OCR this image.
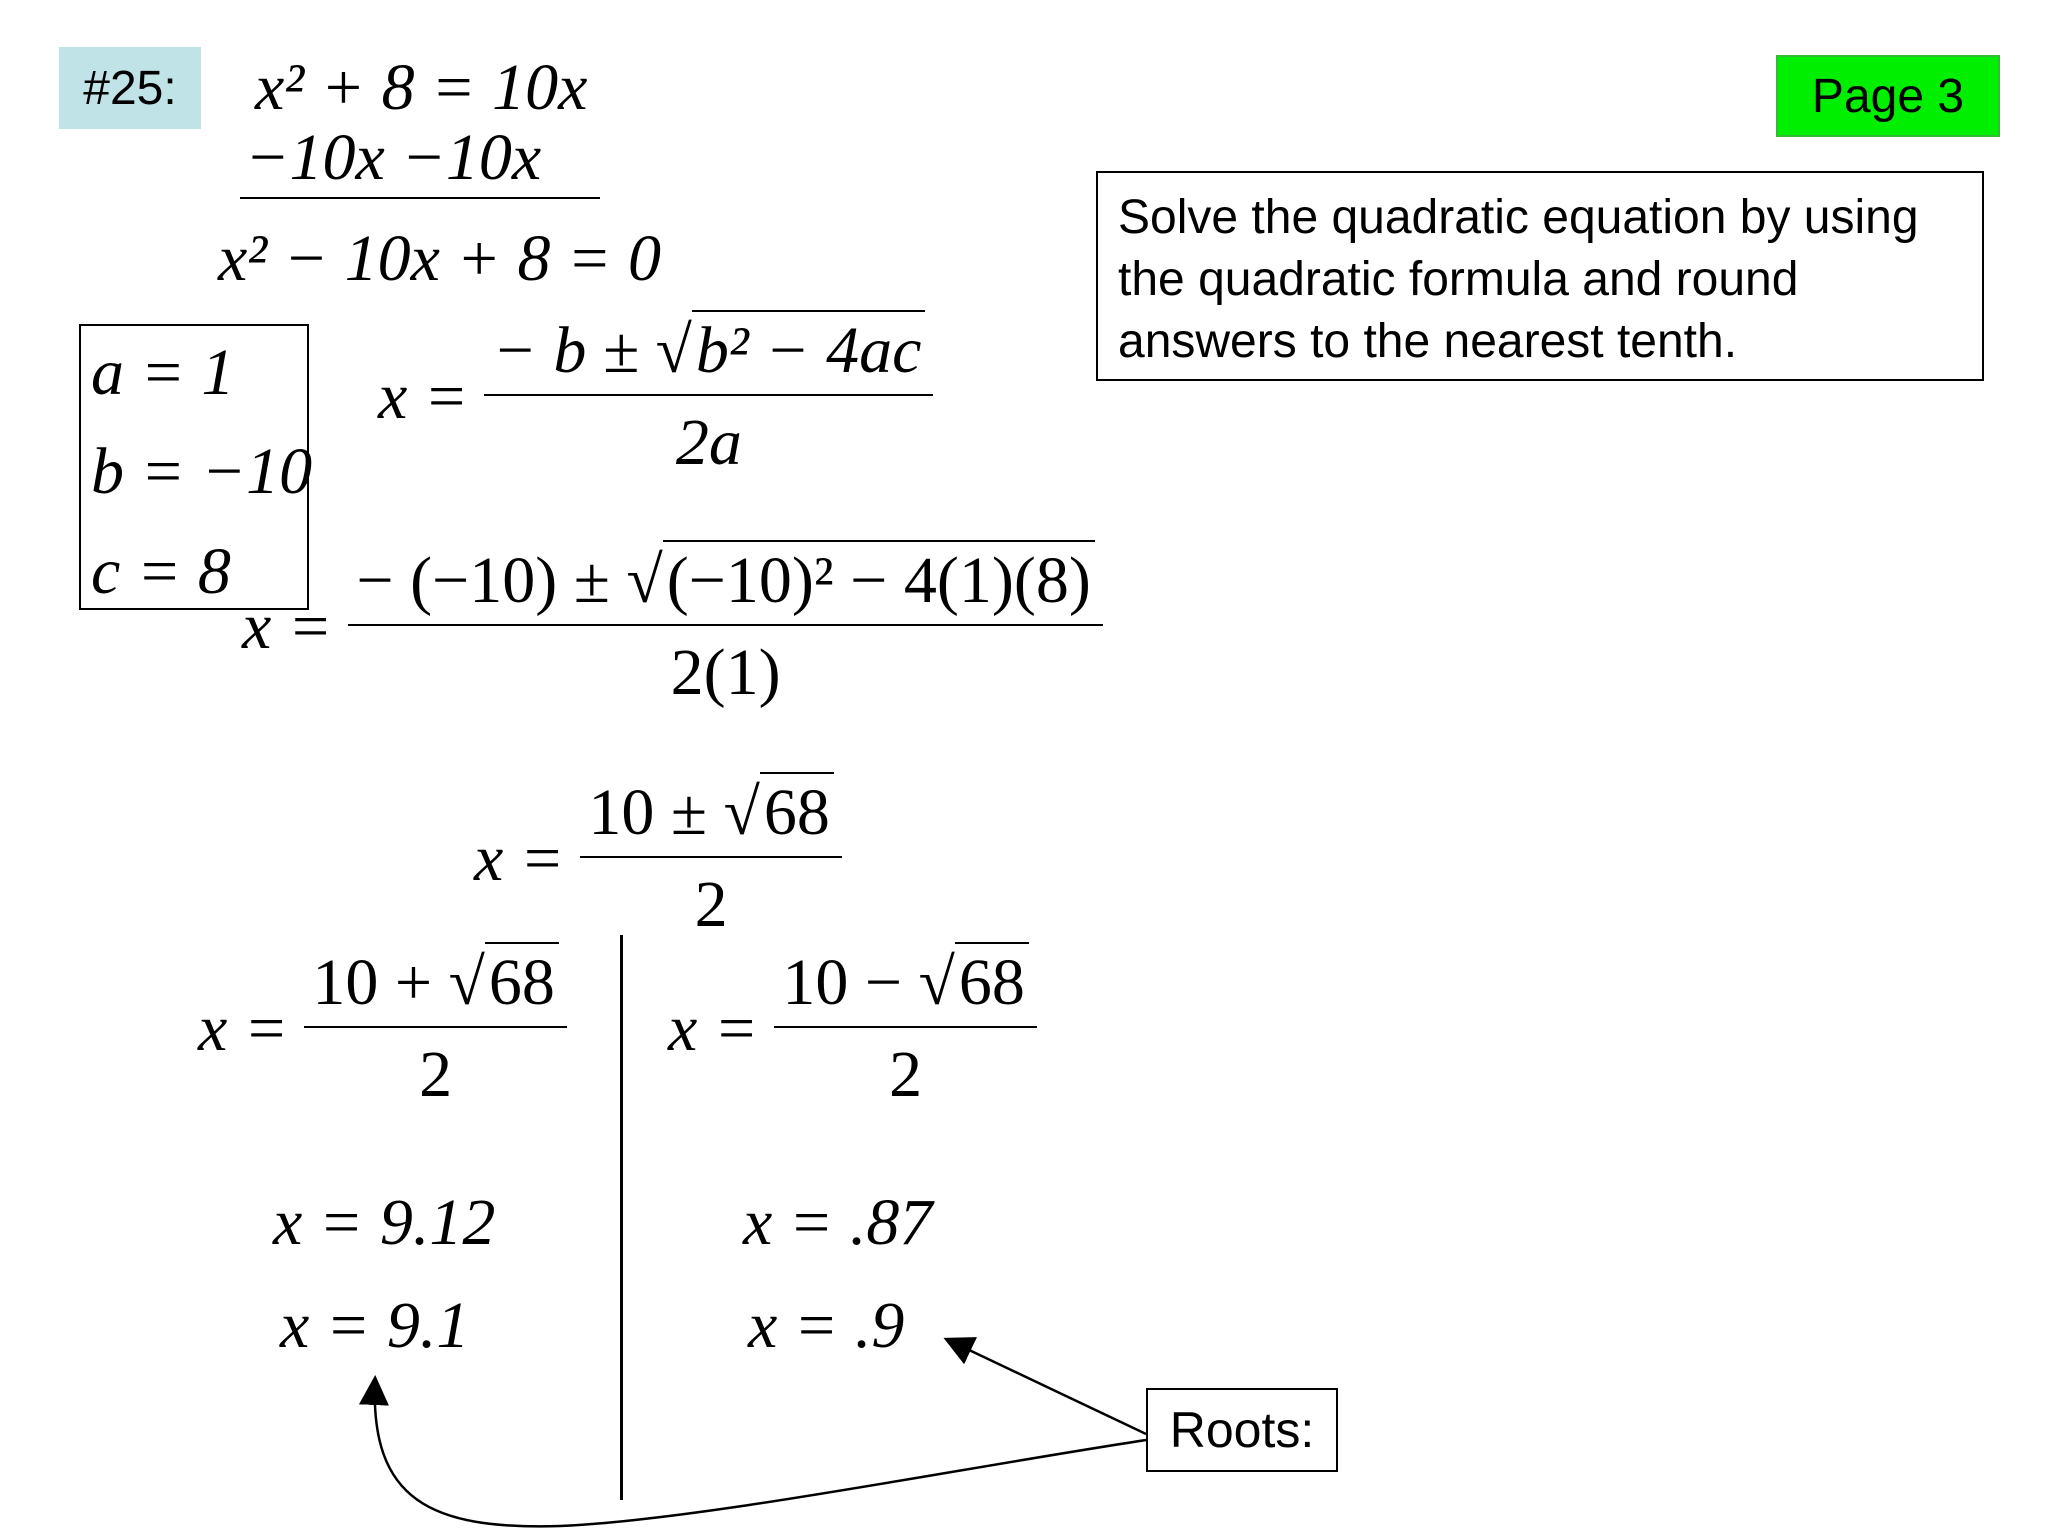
#25:	Page 3
Solve the quadratic equation by using the quadratic formula and round answers to the nearest tenth.
x² + 8 = 10x
−10x −10x
x² − 10x + 8 = 0
a = 1
b = −10
c = 8
$x = \frac{\text{− b ± √b² − 4ac}}{2a}$
$x = \frac{\text{− (−10) ± √(−10)² − 4(1)(8)}}{2(1)}$
$x = \frac{10 \pm √68}{2}$
$x = \frac{10 + √68}{2}$
x = 9.12
x = 9.1
$x = \frac{10 - √68}{2}$
x = .87
x = .9
Roots:
